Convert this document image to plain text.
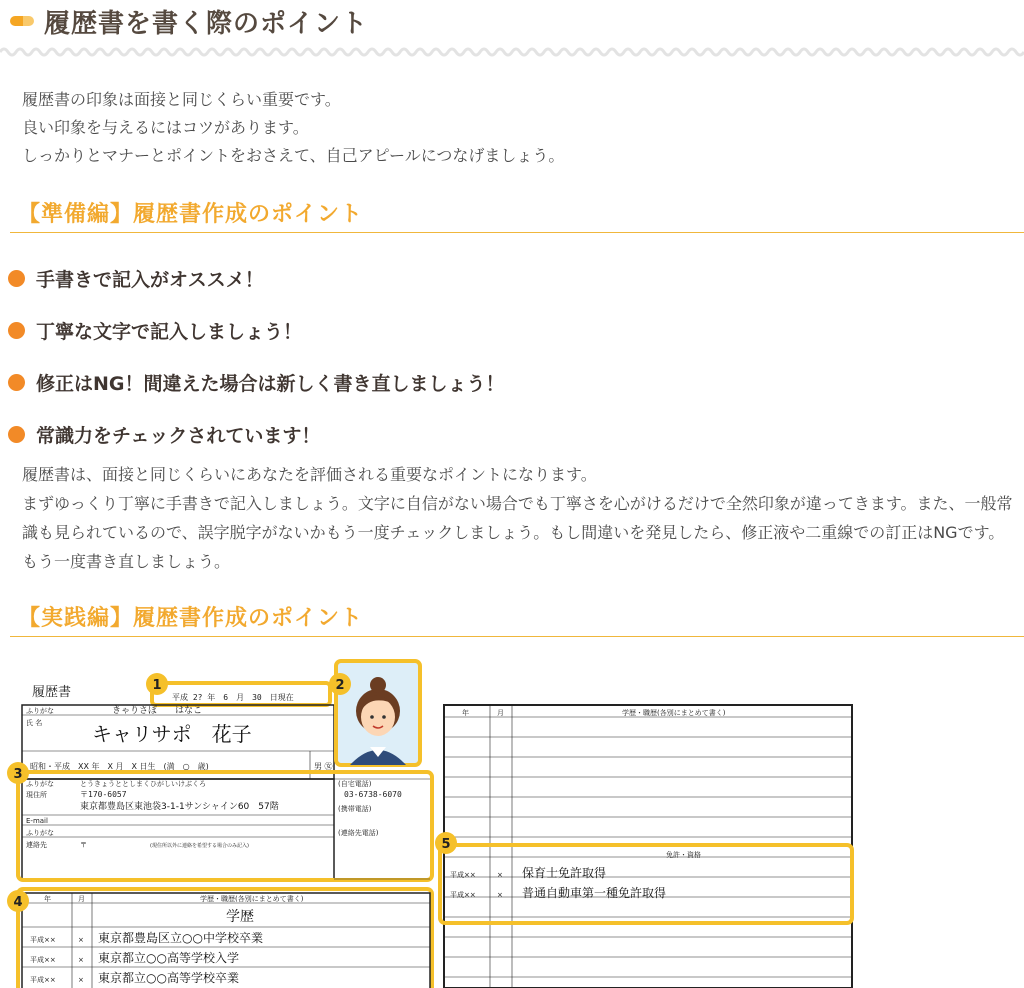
履歴書を書く際のポイント
履歴書の印象は面接と同じくらい重要です。
良い印象を与えるにはコツがあります。
しっかりとマナーとポイントをおさえて、自己アピールにつなげましょう。
【準備編】履歴書作成のポイント
手書きで記入がオススメ！
丁寧な文字で記入しましょう！
修正はNG！間違えた場合は新しく書き直しましょう！
常識力をチェックされています！
履歴書は、面接と同じくらいにあなたを評価される重要なポイントになります。
まずゆっくり丁寧に手書きで記入しましょう。文字に自信がない場合でも丁寧さを心がけるだけで全然印象が違ってきます。また、一般常識も見られているので、誤字脱字がないかもう一度チェックしましょう。もし間違いを発見したら、修正液や二重線での訂正はNGです。もう一度書き直しましょう。
【実践編】履歴書作成のポイント
履歴書	平成 2? 年　6　月　30　日現在
ふりがな	きゃりさぽ　　はなこ
氏 名 キャリサポ　花子
昭和・平成　XX 年　X 月　X 日生　(満　○　歳)	男 ㊛
ふりがな	とうきょうととしまくひがしいけぶくろ
現住所	〒170-6057
東京都豊島区東池袋3-1-1サンシャイン60　57階
(自宅電話)
03-6738-6070
(携帯電話)
E-mail
ふりがな	(連絡先電話)
連絡先	〒	(現住所以外に連絡を希望する場合のみ記入)
年	月	学歴・職歴(各別にまとめて書く)
学歴
平成××	× 東京都豊島区立○○中学校卒業
平成××	× 東京都立○○高等学校入学
平成××	× 東京都立○○高等学校卒業
年	月	学歴・職歴(各別にまとめて書く)
免許・資格
平成××	× 保育士免許取得
平成××	× 普通自動車第一種免許取得
1	2
3
4
5
